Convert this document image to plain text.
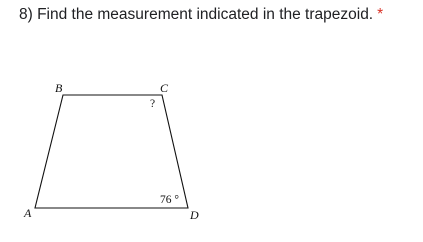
8) Find the measurement indicated in the trapezoid. *
B	C
A	D
?
76 °
